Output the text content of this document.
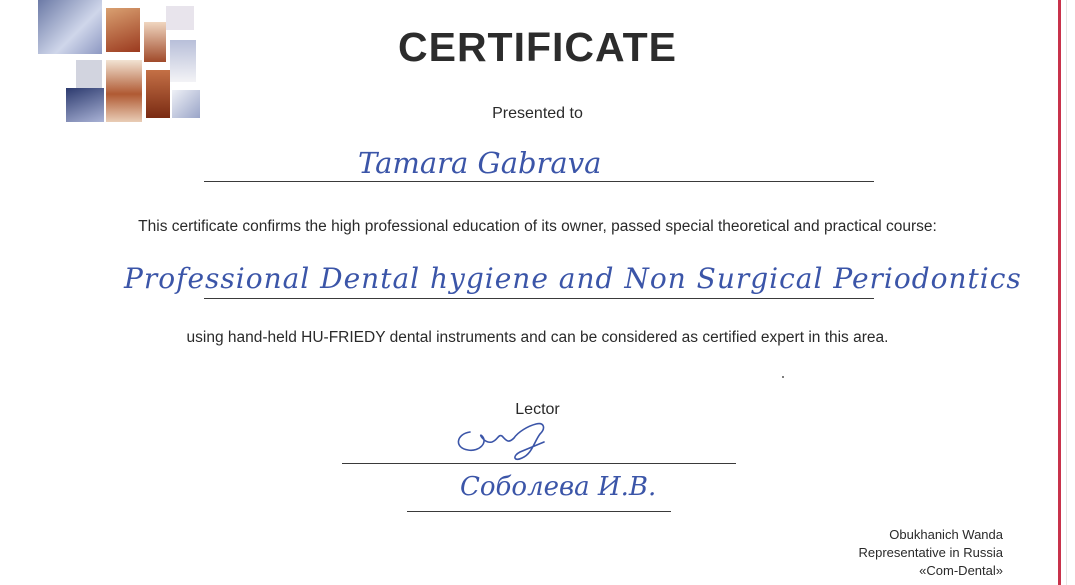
CERTIFICATE
Presented to
Tamara Gabrava
This certificate confirms the high professional education of its owner, passed special theoretical and practical course:
Professional Dental hygiene and Non Surgical Periodontics
using hand-held HU-FRIEDY dental instruments and can be considered as certified expert in this area.
Lector
Соболева И.В.
Obukhanich Wanda
Representative in Russia
«Com-Dental»
